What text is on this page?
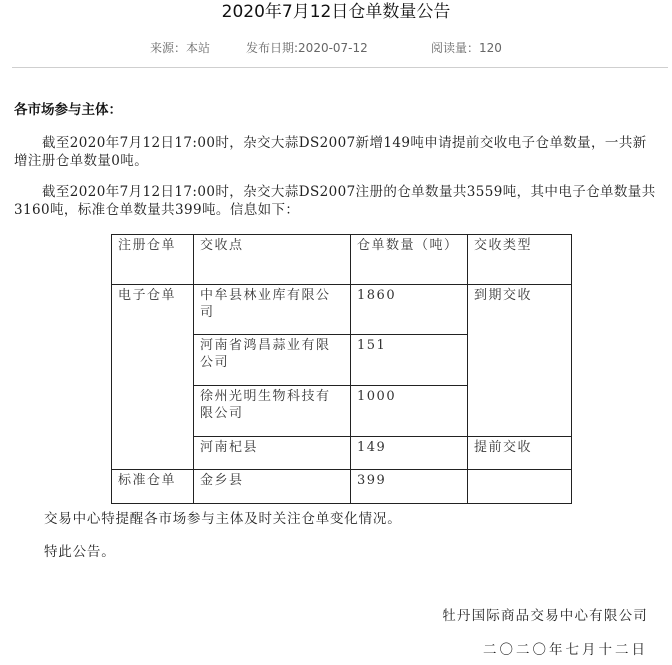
2020年7月12日仓单数量公告
来源：本站	发布日期:2020-07-12	阅读量：120
各市场参与主体：

截至2020年7月12日17:00时，杂交大蒜DS2007新增149吨申请提前交收电子仓单数量，一共新增注册仓单数量0吨。

截至2020年7月12日17:00时，杂交大蒜DS2007注册的仓单数量共3559吨，其中电子仓单数量共3160吨，标准仓单数量共399吨。信息如下：

注册仓单	交收点	仓单数量（吨）	交收类型
电子仓单	中牟县林业库有限公司	1860	到期交收
	河南省鸿昌蒜业有限公司	151	
	徐州光明生物科技有限公司	1000	
	河南杞县	149	提前交收
标准仓单	金乡县	399	
交易中心特提醒各市场参与主体及时关注仓单变化情况。
特此公告。
牡丹国际商品交易中心有限公司
二〇二〇年七月十二日
